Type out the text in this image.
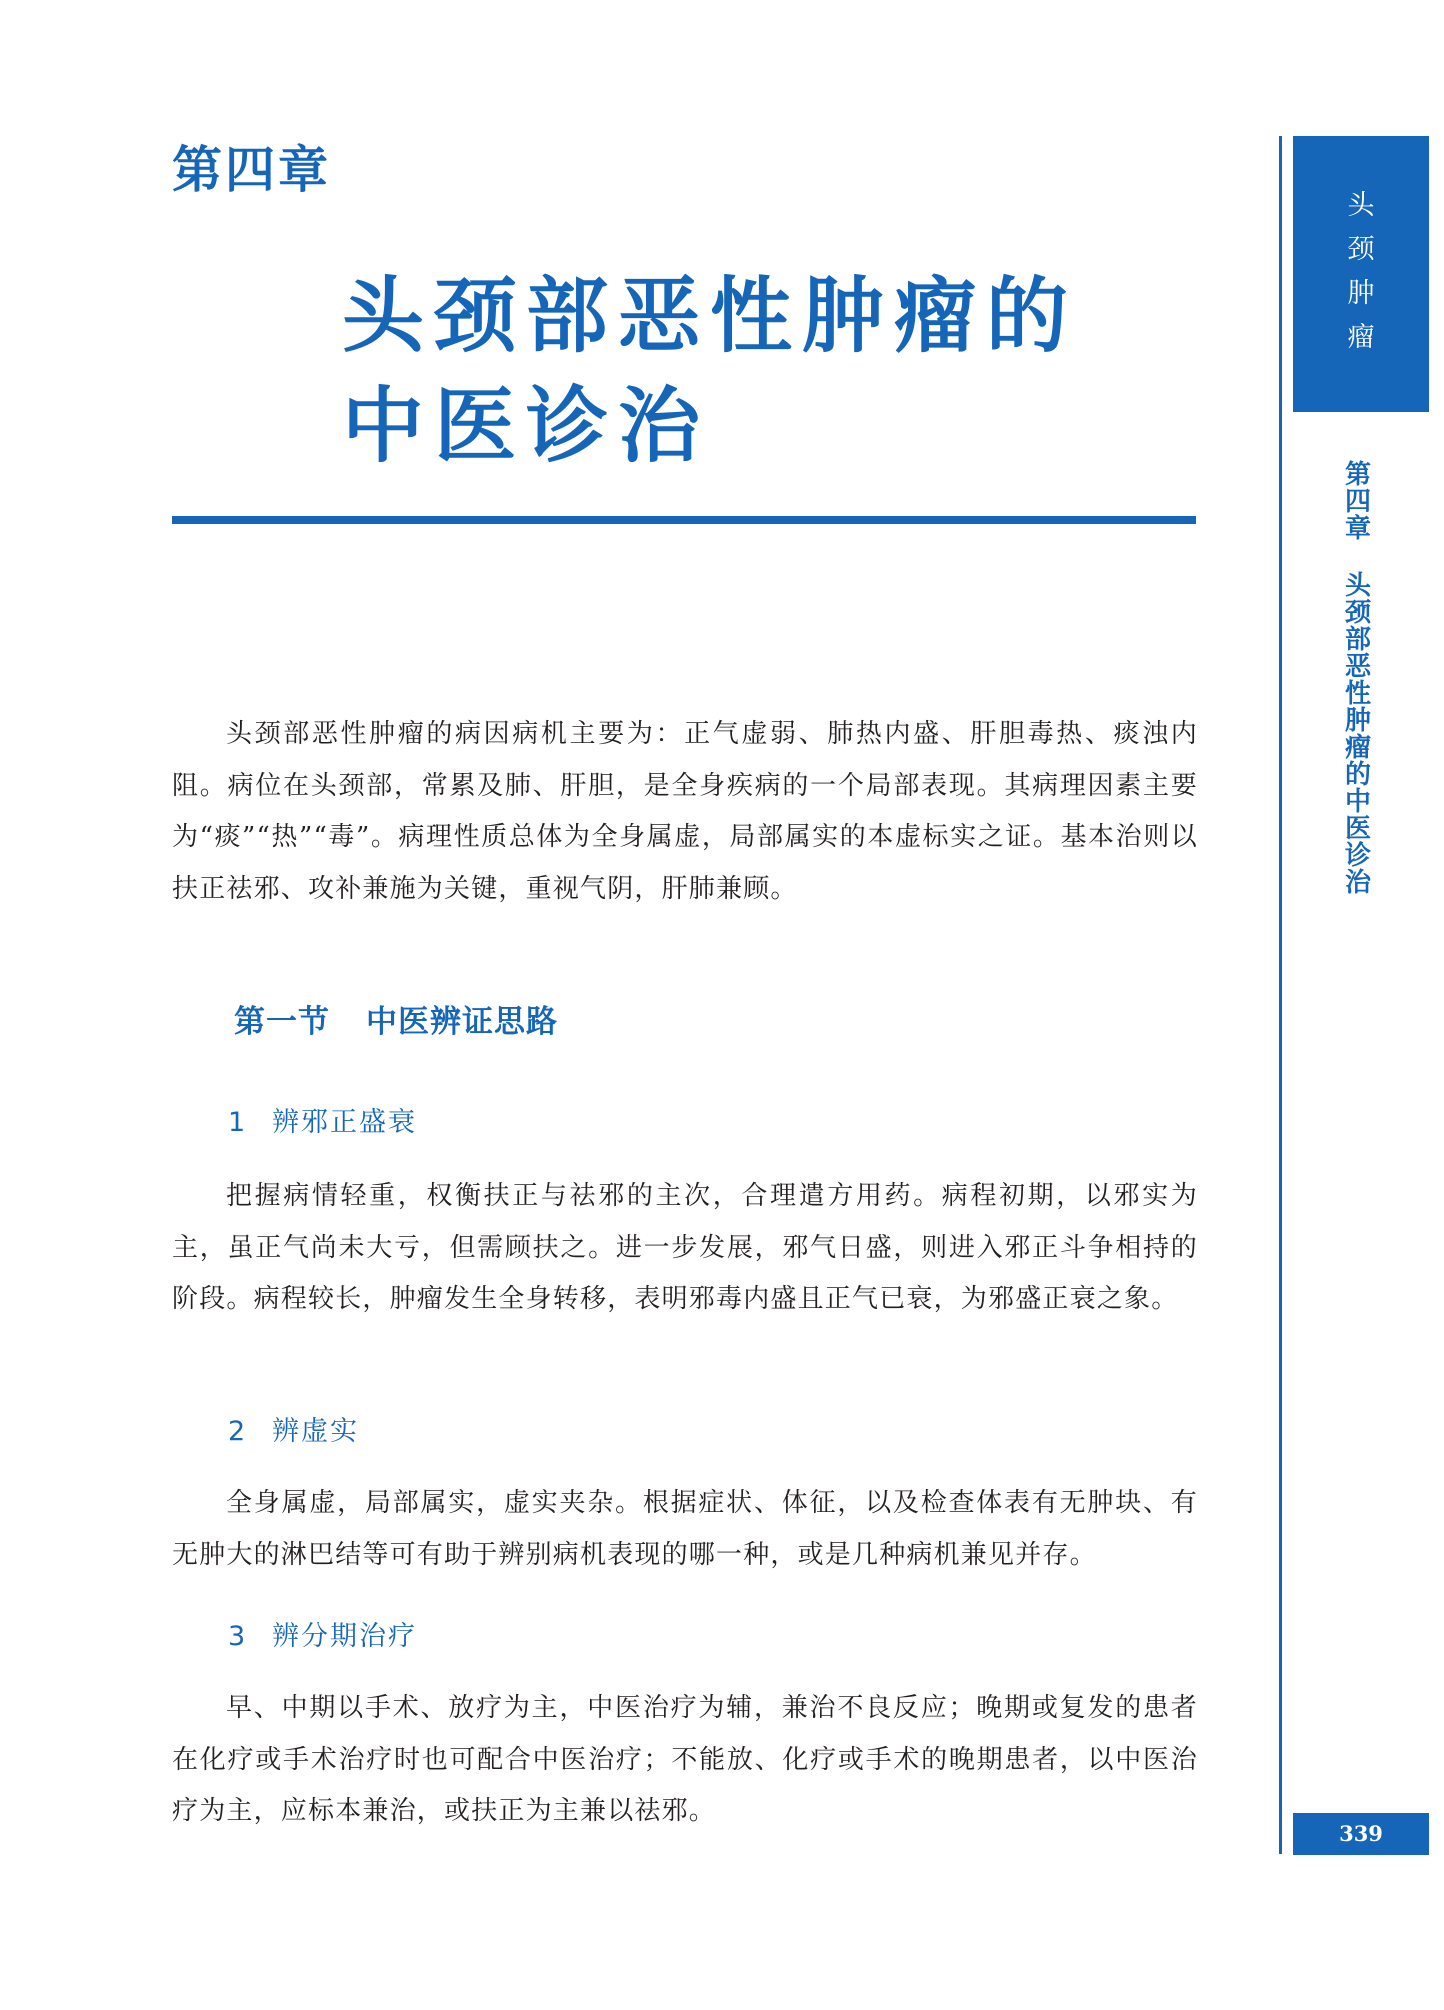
第四章
头颈部恶性肿瘤的
中医诊治

头颈部恶性肿瘤的病因病机主要为：正气虚弱、肺热内盛、肝胆毒热、痰浊内阻。病位在头颈部，常累及肺、肝胆，是全身疾病的一个局部表现。其病理因素主要为“痰”“热”“毒”。病理性质总体为全身属虚，局部属实的本虚标实之证。基本治则以扶正祛邪、攻补兼施为关键，重视气阴，肝肺兼顾。

第一节 中医辨证思路
1 辨邪正盛衰

把握病情轻重，权衡扶正与祛邪的主次，合理遣方用药。病程初期，以邪实为主，虽正气尚未大亏，但需顾扶之。进一步发展，邪气日盛，则进入邪正斗争相持的阶段。病程较长，肿瘤发生全身转移，表明邪毒内盛且正气已衰，为邪盛正衰之象。

2 辨虚实

全身属虚，局部属实，虚实夹杂。根据症状、体征，以及检查体表有无肿块、有无肿大的淋巴结等可有助于辨别病机表现的哪一种，或是几种病机兼见并存。

3 辨分期治疗

早、中期以手术、放疗为主，中医治疗为辅，兼治不良反应；晚期或复发的患者在化疗或手术治疗时也可配合中医治疗；不能放、化疗或手术的晚期患者，以中医治疗为主，应标本兼治，或扶正为主兼以祛邪。

头
颈
肿
瘤
第
四
章
头
颈
部
恶
性
肿
瘤
的
中
医
诊
治
339
